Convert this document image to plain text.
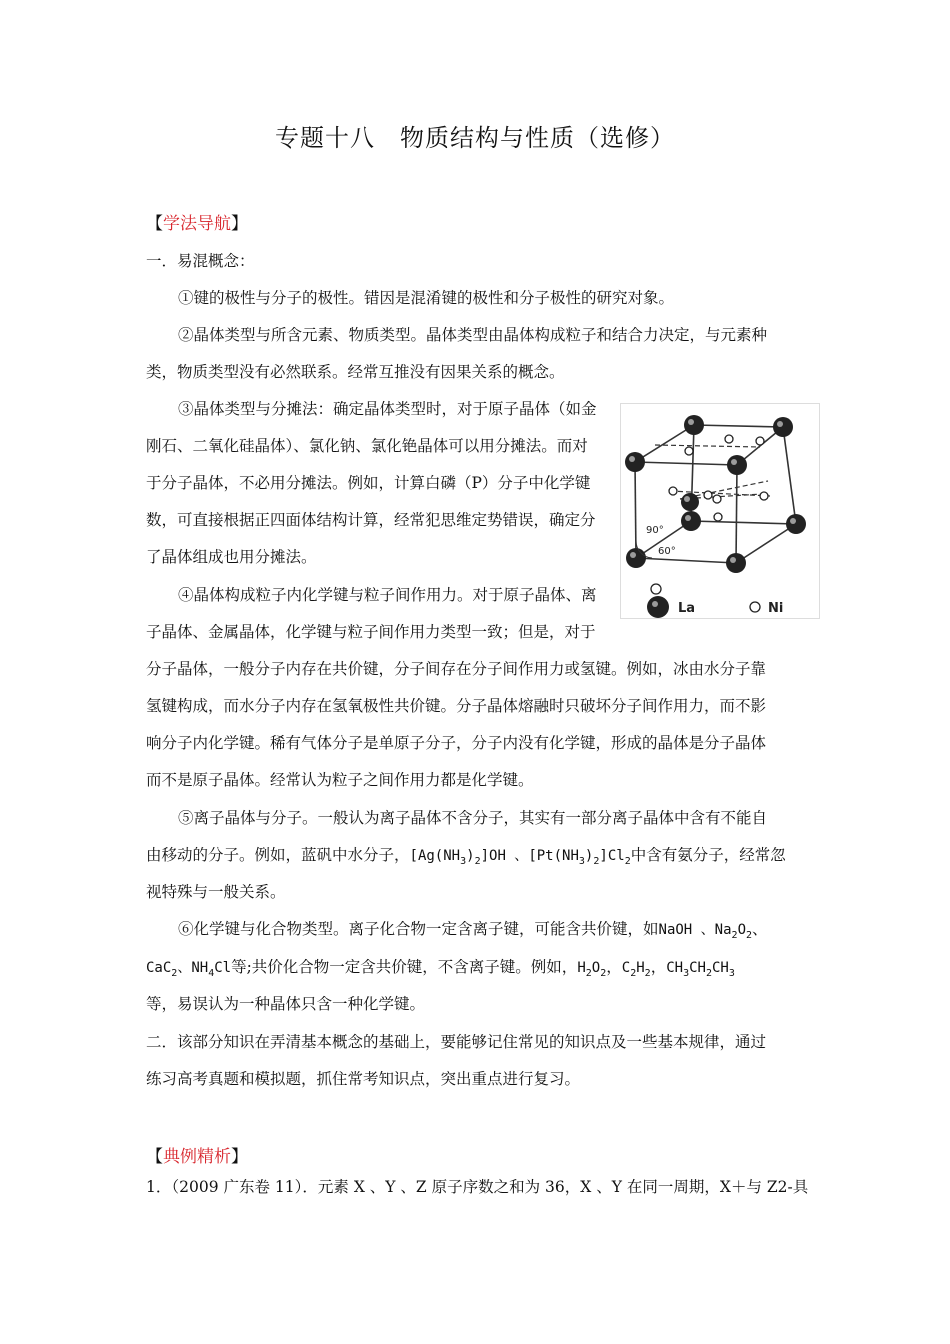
专题十八　物质结构与性质（选修）
【学法导航】
一．易混概念：
①键的极性与分子的极性。错因是混淆键的极性和分子极性的研究对象。
②晶体类型与所含元素、物质类型。晶体类型由晶体构成粒子和结合力决定，与元素种
类，物质类型没有必然联系。经常互推没有因果关系的概念。
③晶体类型与分摊法：确定晶体类型时，对于原子晶体（如金
刚石、二氧化硅晶体）、氯化钠、氯化铯晶体可以用分摊法。而对
于分子晶体，不必用分摊法。例如，计算白磷（P）分子中化学键
数，可直接根据正四面体结构计算，经常犯思维定势错误，确定分
了晶体组成也用分摊法。
④晶体构成粒子内化学键与粒子间作用力。对于原子晶体、离
子晶体、金属晶体，化学键与粒子间作用力类型一致；但是，对于
分子晶体，一般分子内存在共价键，分子间存在分子间作用力或氢键。例如，冰由水分子靠
氢键构成，而水分子内存在氢氧极性共价键。分子晶体熔融时只破坏分子间作用力，而不影
响分子内化学键。稀有气体分子是单原子分子，分子内没有化学键，形成的晶体是分子晶体
而不是原子晶体。经常认为粒子之间作用力都是化学键。
⑤离子晶体与分子。一般认为离子晶体不含分子，其实有一部分离子晶体中含有不能自
由移动的分子。例如，蓝矾中水分子，$[Ag(NH_3)_2]OH$ 、$[Pt(NH_3)_2]Cl_2$中含有氨分子，经常忽
视特殊与一般关系。
⑥化学键与化合物类型。离子化合物一定含离子键，可能含共价键，如NaOH 、$Na_2O_2$、
CaC$_2$、$NH_4Cl$等;共价化合物一定含共价键，不含离子键。例如，$H_2O_2$，$C_2H_2$，$CH_3CH_2CH_3$
等，易误认为一种晶体只含一种化学键。
二．该部分知识在弄清基本概念的基础上，要能够记住常见的知识点及一些基本规律，通过
练习高考真题和模拟题，抓住常考知识点，突出重点进行复习。
【典例精析】
1．（2009 广东卷 11）．元素 X 、Y 、Z 原子序数之和为 36，X 、Y 在同一周期，X＋与 Z2-具
90°
60°
La	Ni
